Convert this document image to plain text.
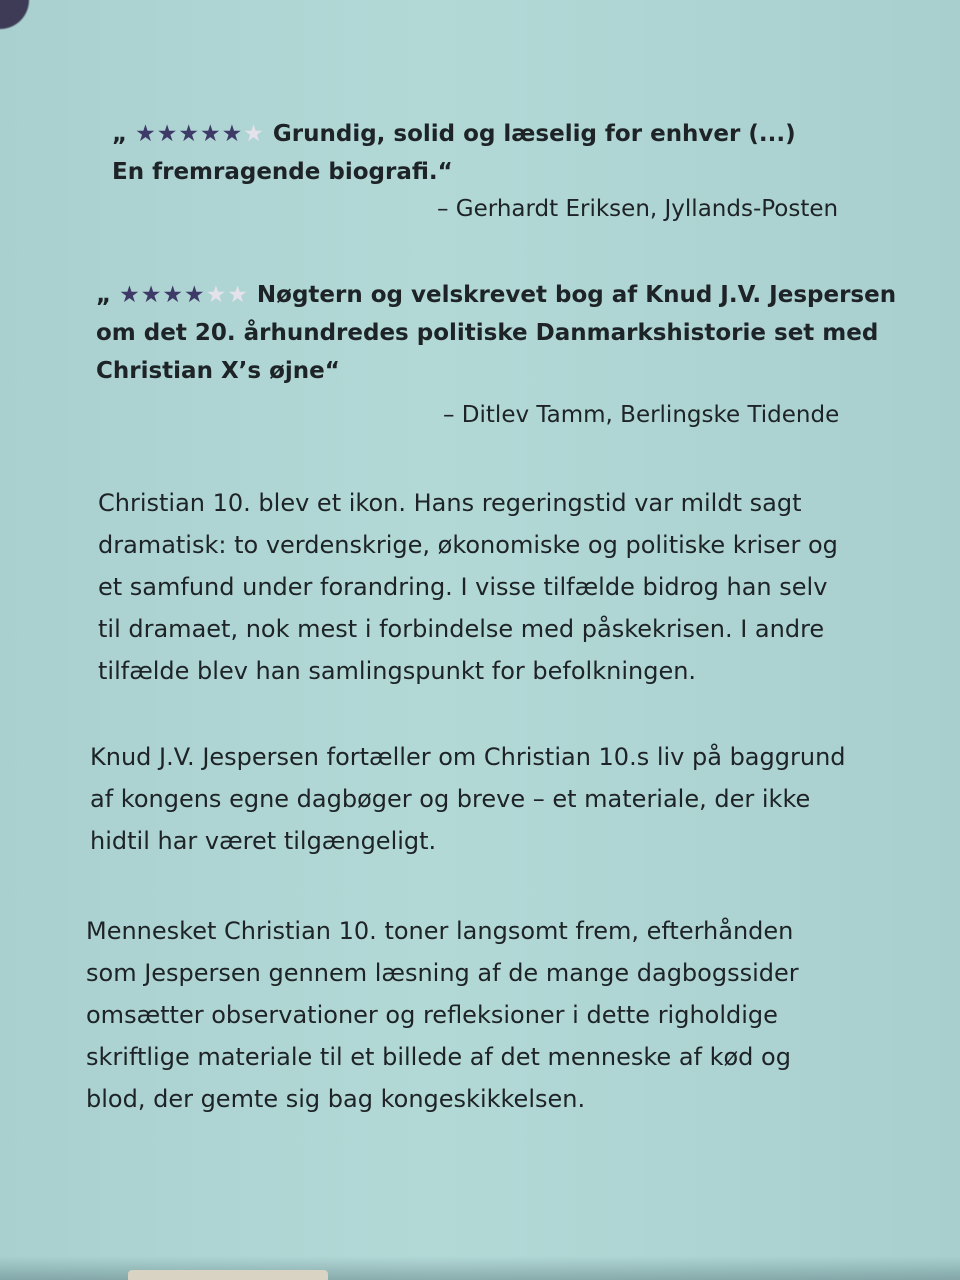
„ ★★★★★★ Grundig, solid og læselig for enhver (...)
En fremragende biografi.“
– Gerhardt Eriksen, Jyllands-Posten
„ ★★★★★★ Nøgtern og velskrevet bog af Knud J.V. Jespersen
om det 20. århundredes politiske Danmarkshistorie set med
Christian X’s øjne“
– Ditlev Tamm, Berlingske Tidende
Christian 10. blev et ikon. Hans regeringstid var mildt sagt
dramatisk: to verdenskrige, økonomiske og politiske kriser og
et samfund under forandring. I visse tilfælde bidrog han selv
til dramaet, nok mest i forbindelse med påskekrisen. I andre
tilfælde blev han samlingspunkt for befolkningen.
Knud J.V. Jespersen fortæller om Christian 10.s liv på baggrund
af kongens egne dagbøger og breve – et materiale, der ikke
hidtil har været tilgængeligt.
Mennesket Christian 10. toner langsomt frem, efterhånden
som Jespersen gennem læsning af de mange dagbogssider
omsætter observationer og refleksioner i dette righoldige
skriftlige materiale til et billede af det menneske af kød og
blod, der gemte sig bag kongeskikkelsen.
